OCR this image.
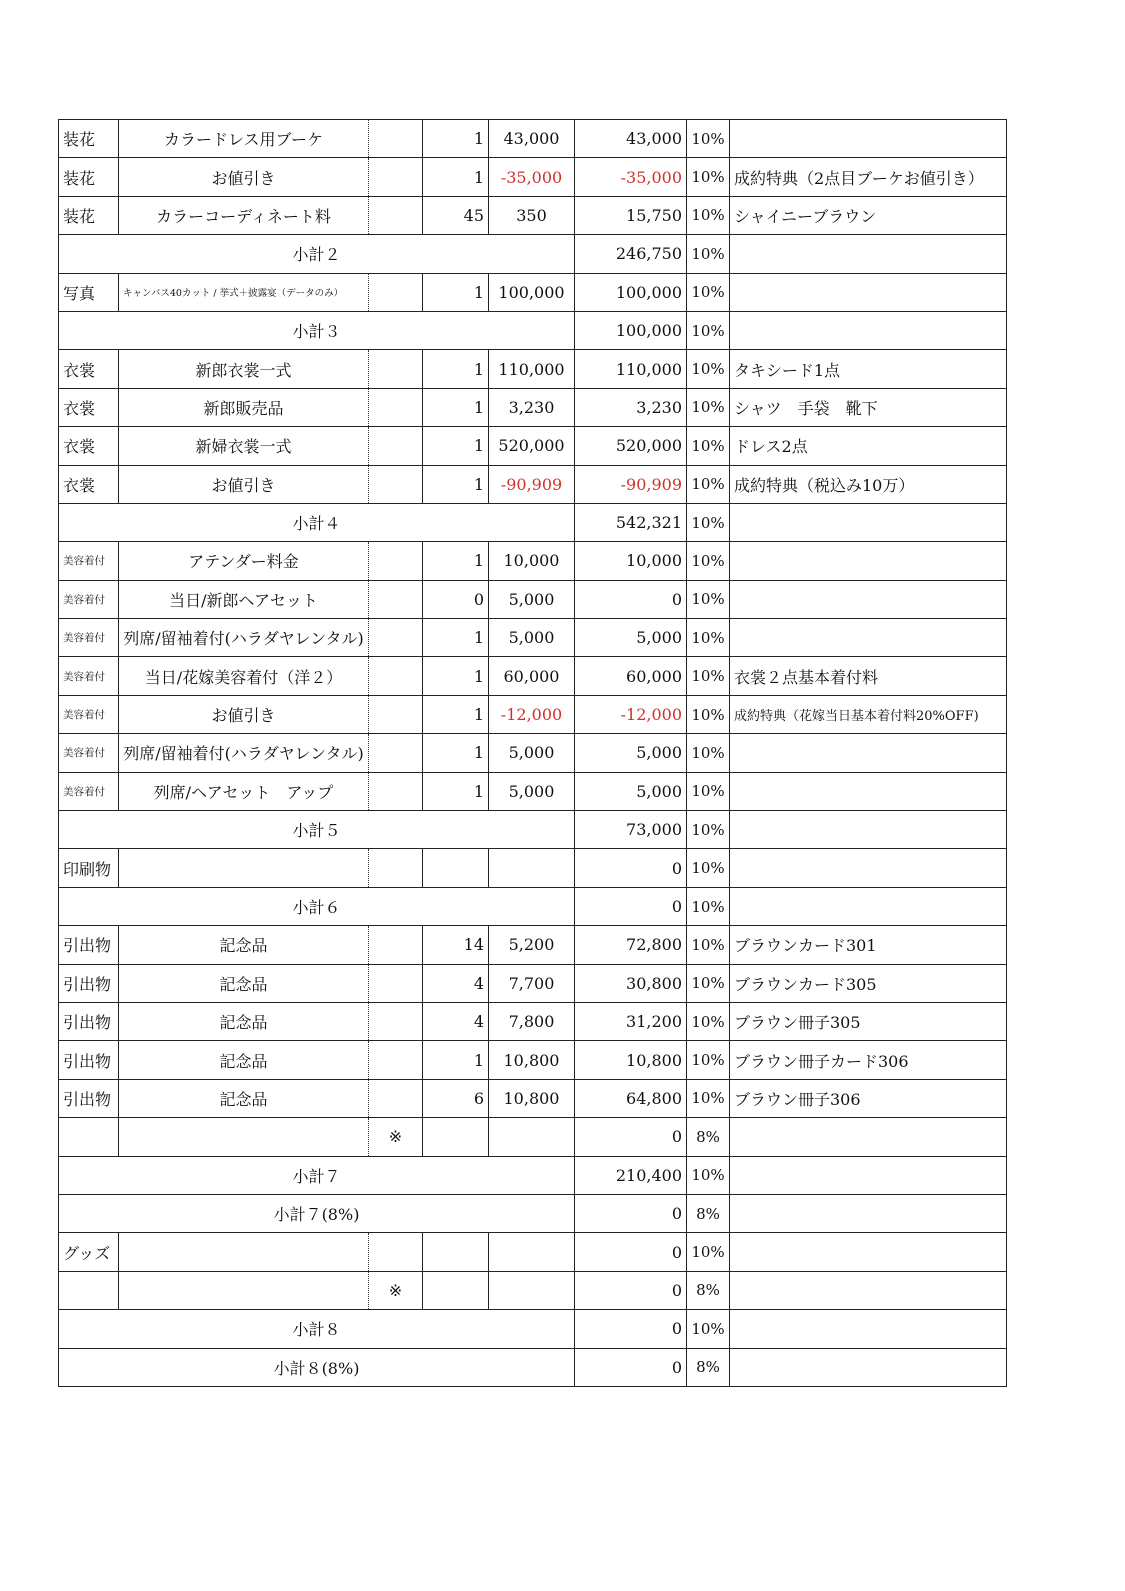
装花	カラードレス用ブーケ		1	43,000	43,000	10%	
装花	お値引き		1	-35,000	-35,000	10%	成約特典（2点目ブーケお値引き）
装花	カラーコーディネート料		45	350	15,750	10%	シャイニーブラウン
小計２					246,750	10%	
写真	キャンバス40カット / 挙式＋披露宴（データのみ）		1	100,000	100,000	10%	
小計３					100,000	10%	
衣裳	新郎衣裳一式		1	110,000	110,000	10%	タキシード1点
衣裳	新郎販売品		1	3,230	3,230	10%	シャツ　手袋　靴下
衣裳	新婦衣裳一式		1	520,000	520,000	10%	ドレス2点
衣裳	お値引き		1	-90,909	-90,909	10%	成約特典（税込み10万）
小計４					542,321	10%	
美容着付	アテンダー料金		1	10,000	10,000	10%	
美容着付	当日/新郎ヘアセット		0	5,000	0	10%	
美容着付	列席/留袖着付(ハラダヤレンタル)		1	5,000	5,000	10%	
美容着付	当日/花嫁美容着付（洋２）		1	60,000	60,000	10%	衣裳２点基本着付料
美容着付	お値引き		1	-12,000	-12,000	10%	成約特典（花嫁当日基本着付料20%OFF)
美容着付	列席/留袖着付(ハラダヤレンタル)		1	5,000	5,000	10%	
美容着付	列席/ヘアセット　アップ		1	5,000	5,000	10%	
小計５					73,000	10%	
印刷物					0	10%	
小計６					0	10%	
引出物	記念品		14	5,200	72,800	10%	ブラウンカード301
引出物	記念品		4	7,700	30,800	10%	ブラウンカード305
引出物	記念品		4	7,800	31,200	10%	ブラウン冊子305
引出物	記念品		1	10,800	10,800	10%	ブラウン冊子カード306
引出物	記念品		6	10,800	64,800	10%	ブラウン冊子306
		※			0	8%	
小計７					210,400	10%	
小計７(8%)					0	8%	
グッズ					0	10%	
		※			0	8%	
小計８					0	10%	
小計８(8%)					0	8%	
